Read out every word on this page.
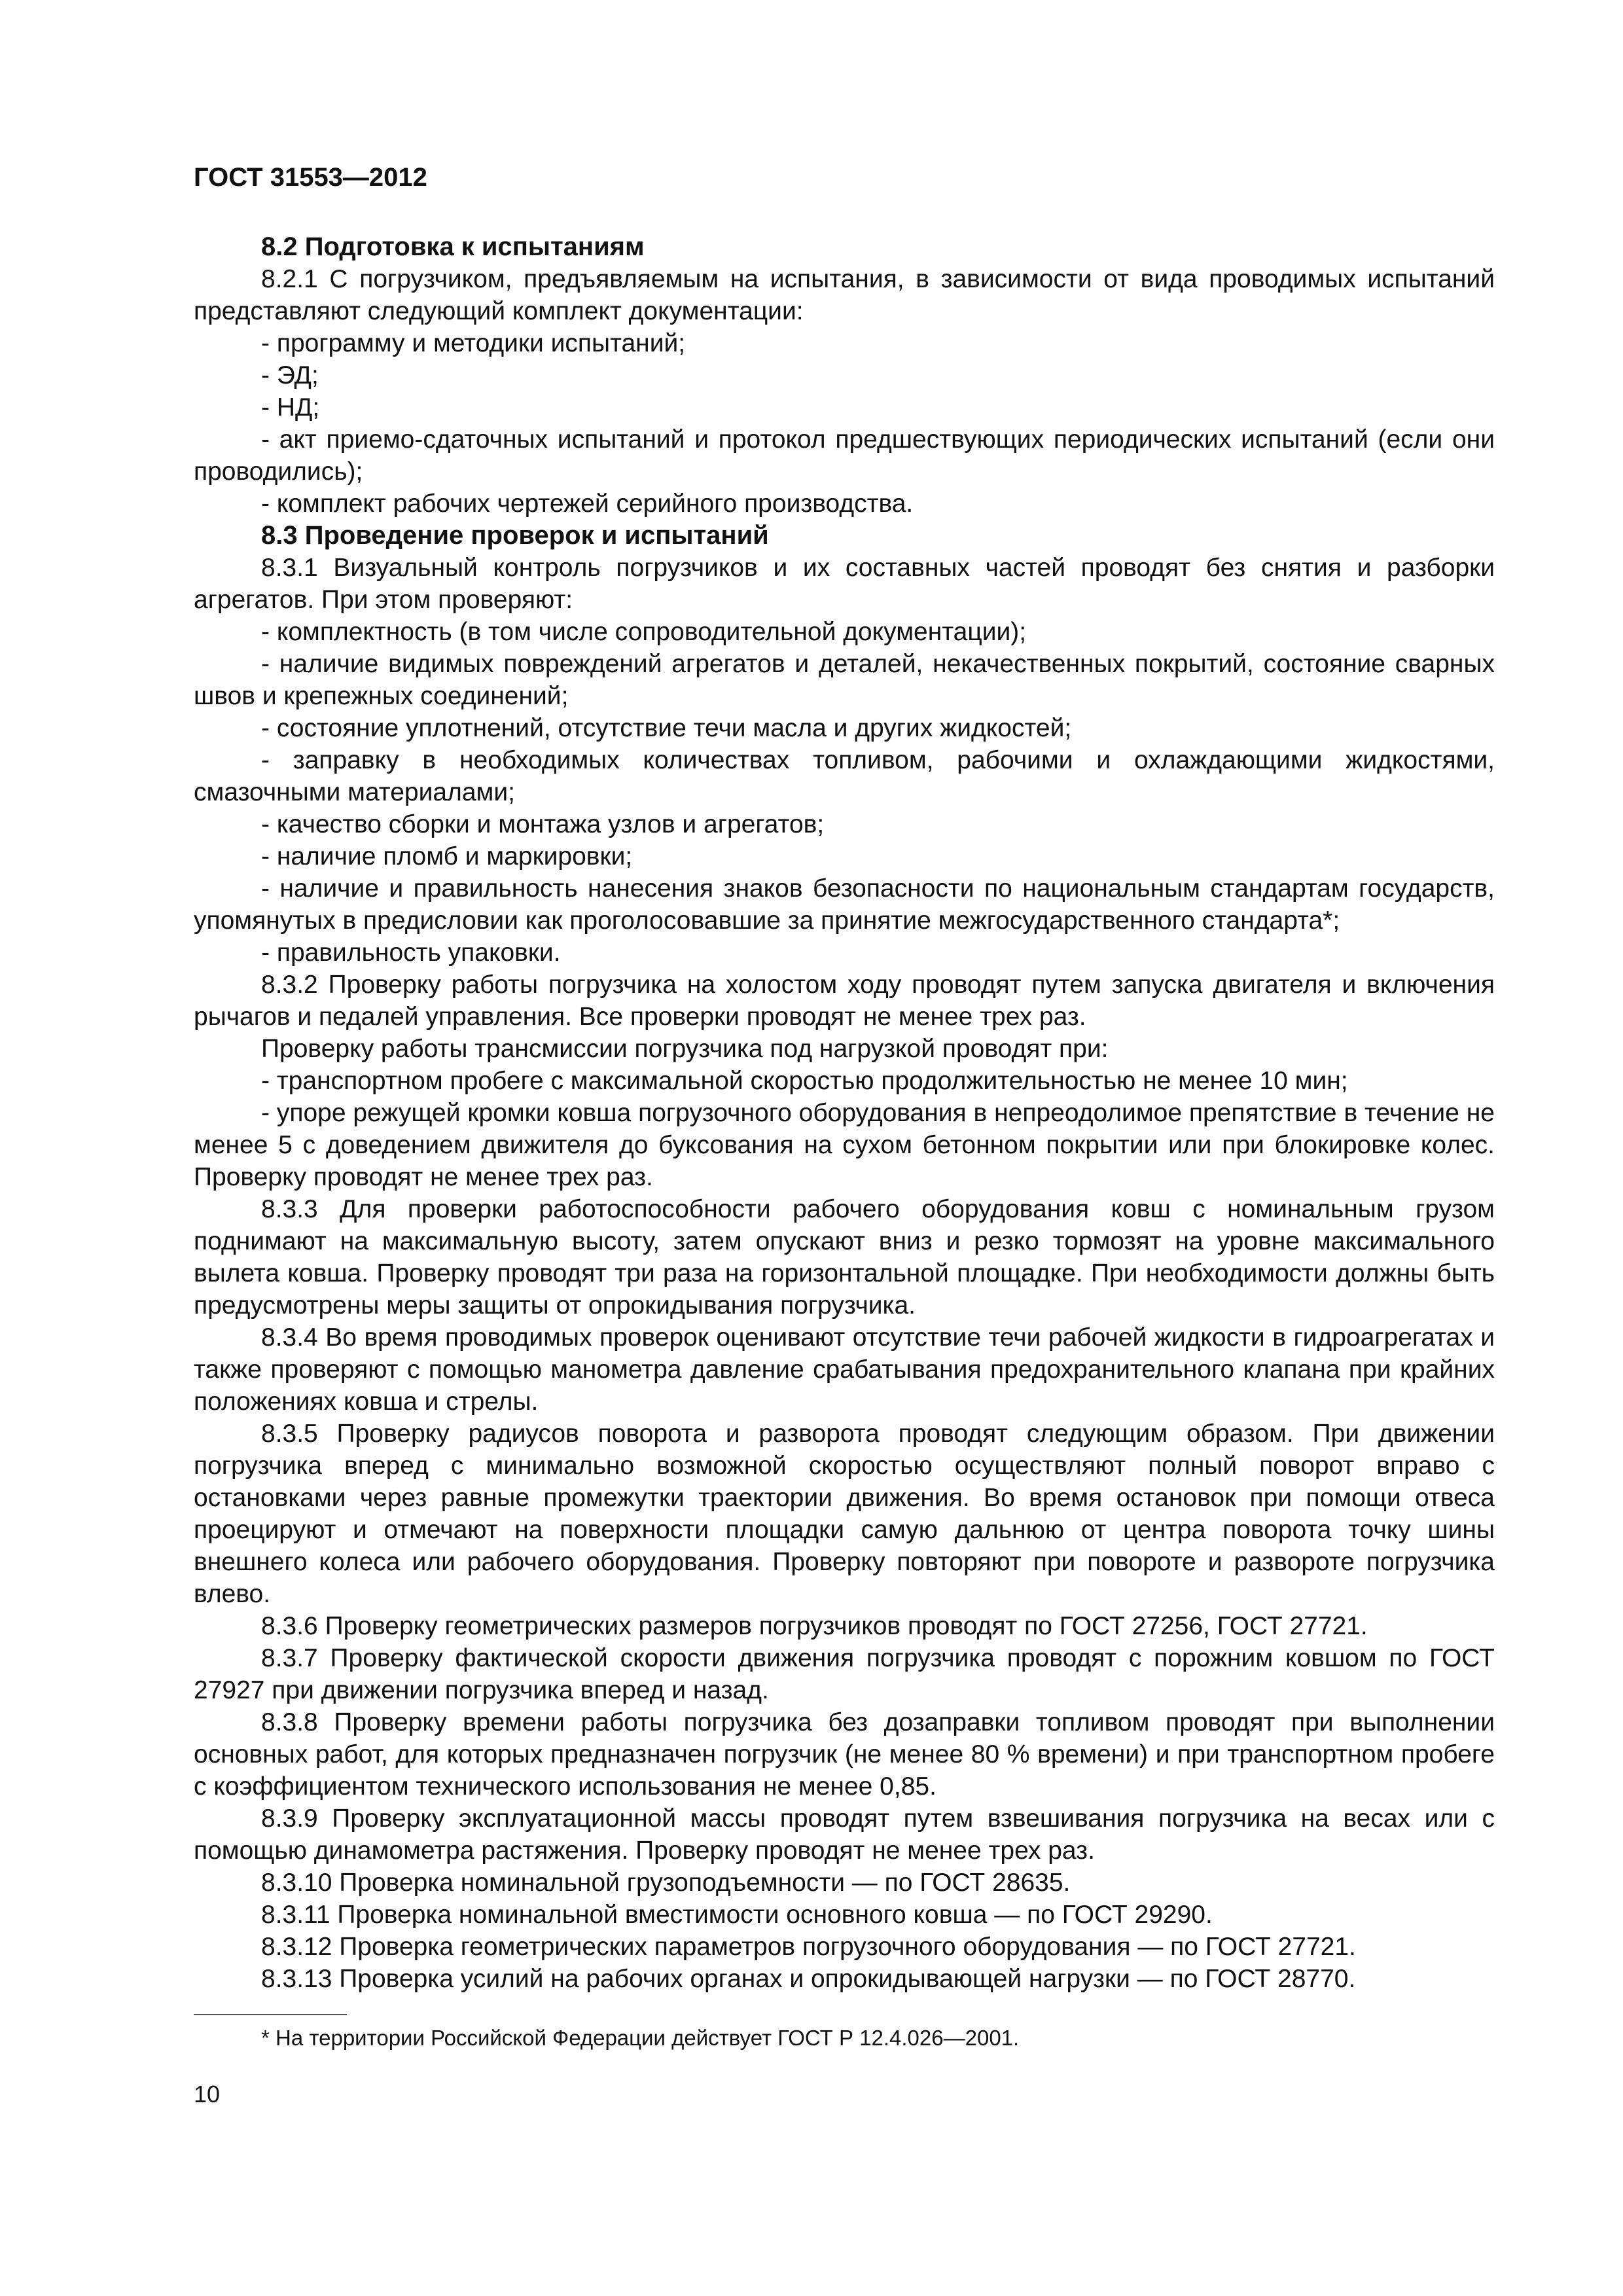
ГОСТ 31553—2012

8.2 Подготовка к испытаниям

8.2.1 С погрузчиком, предъявляемым на испытания, в зависимости от вида проводимых испытаний представляют следующий комплект документации:

- программу и методики испытаний;

- ЭД;

- НД;

- акт приемо-сдаточных испытаний и протокол предшествующих периодических испытаний (если они проводились);

- комплект рабочих чертежей серийного производства.

8.3 Проведение проверок и испытаний

8.3.1 Визуальный контроль погрузчиков и их составных частей проводят без снятия и разборки агрегатов. При этом проверяют:

- комплектность (в том числе сопроводительной документации);

- наличие видимых повреждений агрегатов и деталей, некачественных покрытий, состояние сварных швов и крепежных соединений;

- состояние уплотнений, отсутствие течи масла и других жидкостей;

- заправку в необходимых количествах топливом, рабочими и охлаждающими жидкостями, смазочными материалами;

- качество сборки и монтажа узлов и агрегатов;

- наличие пломб и маркировки;

- наличие и правильность нанесения знаков безопасности по национальным стандартам государств, упомянутых в предисловии как проголосовавшие за принятие межгосударственного стандарта*;

- правильность упаковки.

8.3.2 Проверку работы погрузчика на холостом ходу проводят путем запуска двигателя и включения рычагов и педалей управления. Все проверки проводят не менее трех раз.

Проверку работы трансмиссии погрузчика под нагрузкой проводят при:

- транспортном пробеге с максимальной скоростью продолжительностью не менее 10 мин;

- упоре режущей кромки ковша погрузочного оборудования в непреодолимое препятствие в течение не менее 5 с доведением движителя до буксования на сухом бетонном покрытии или при блокировке колес. Проверку проводят не менее трех раз.

8.3.3 Для проверки работоспособности рабочего оборудования ковш с номинальным грузом поднимают на максимальную высоту, затем опускают вниз и резко тормозят на уровне максимального вылета ковша. Проверку проводят три раза на горизонтальной площадке. При необходимости должны быть предусмотрены меры защиты от опрокидывания погрузчика.

8.3.4 Во время проводимых проверок оценивают отсутствие течи рабочей жидкости в гидроагрегатах и также проверяют с помощью манометра давление срабатывания предохранительного клапана при крайних положениях ковша и стрелы.

8.3.5 Проверку радиусов поворота и разворота проводят следующим образом. При движении погрузчика вперед с минимально возможной скоростью осуществляют полный поворот вправо с остановками через равные промежутки траектории движения. Во время остановок при помощи отвеса проецируют и отмечают на поверхности площадки самую дальнюю от центра поворота точку шины внешнего колеса или рабочего оборудования. Проверку повторяют при повороте и развороте погрузчика влево.

8.3.6 Проверку геометрических размеров погрузчиков проводят по ГОСТ 27256, ГОСТ 27721.

8.3.7 Проверку фактической скорости движения погрузчика проводят с порожним ковшом по ГОСТ 27927 при движении погрузчика вперед и назад.

8.3.8 Проверку времени работы погрузчика без дозаправки топливом проводят при выполнении основных работ, для которых предназначен погрузчик (не менее 80 % времени) и при транспортном пробеге с коэффициентом технического использования не менее 0,85.

8.3.9 Проверку эксплуатационной массы проводят путем взвешивания погрузчика на весах или с помощью динамометра растяжения. Проверку проводят не менее трех раз.

8.3.10 Проверка номинальной грузоподъемности — по ГОСТ 28635.

8.3.11 Проверка номинальной вместимости основного ковша — по ГОСТ 29290.

8.3.12 Проверка геометрических параметров погрузочного оборудования — по ГОСТ 27721.

8.3.13 Проверка усилий на рабочих органах и опрокидывающей нагрузки — по ГОСТ 28770.

* На территории Российской Федерации действует ГОСТ Р 12.4.026—2001.

10
